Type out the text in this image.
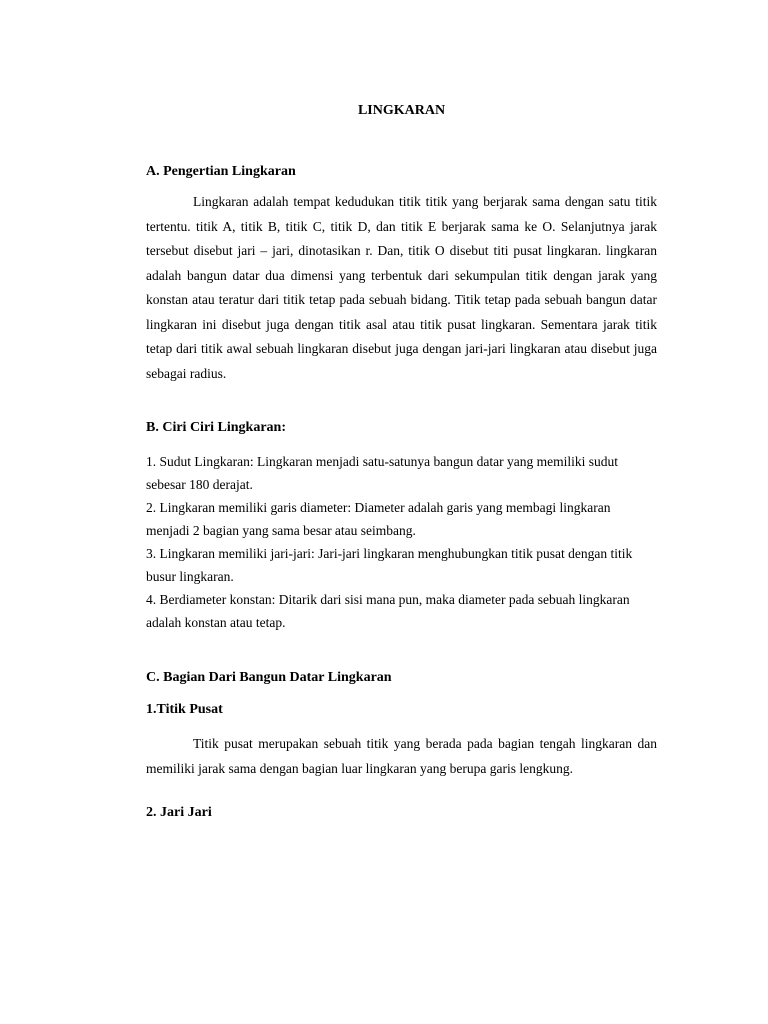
LINGKARAN
A. Pengertian Lingkaran

Lingkaran adalah tempat kedudukan titik titik yang berjarak sama dengan satu titik tertentu. titik A, titik B, titik C, titik D, dan titik E berjarak sama ke O. Selanjutnya jarak tersebut disebut jari – jari, dinotasikan r. Dan, titik O disebut titi pusat lingkaran. lingkaran adalah bangun datar dua dimensi yang terbentuk dari sekumpulan titik dengan jarak yang konstan atau teratur dari titik tetap pada sebuah bidang. Titik tetap pada sebuah bangun datar lingkaran ini disebut juga dengan titik asal atau titik pusat lingkaran. Sementara jarak titik tetap dari titik awal sebuah lingkaran disebut juga dengan jari-jari lingkaran atau disebut juga sebagai radius.

B. Ciri Ciri Lingkaran:

1. Sudut Lingkaran: Lingkaran menjadi satu-satunya bangun datar yang memiliki sudut sebesar 180 derajat.

2. Lingkaran memiliki garis diameter: Diameter adalah garis yang membagi lingkaran menjadi 2 bagian yang sama besar atau seimbang.

3. Lingkaran memiliki jari-jari: Jari-jari lingkaran menghubungkan titik pusat dengan titik busur lingkaran.

4. Berdiameter konstan: Ditarik dari sisi mana pun, maka diameter pada sebuah lingkaran adalah konstan atau tetap.

C. Bagian Dari Bangun Datar Lingkaran
1.Titik Pusat

Titik pusat merupakan sebuah titik yang berada pada bagian tengah lingkaran dan memiliki jarak sama dengan bagian luar lingkaran yang berupa garis lengkung.

2. Jari Jari
